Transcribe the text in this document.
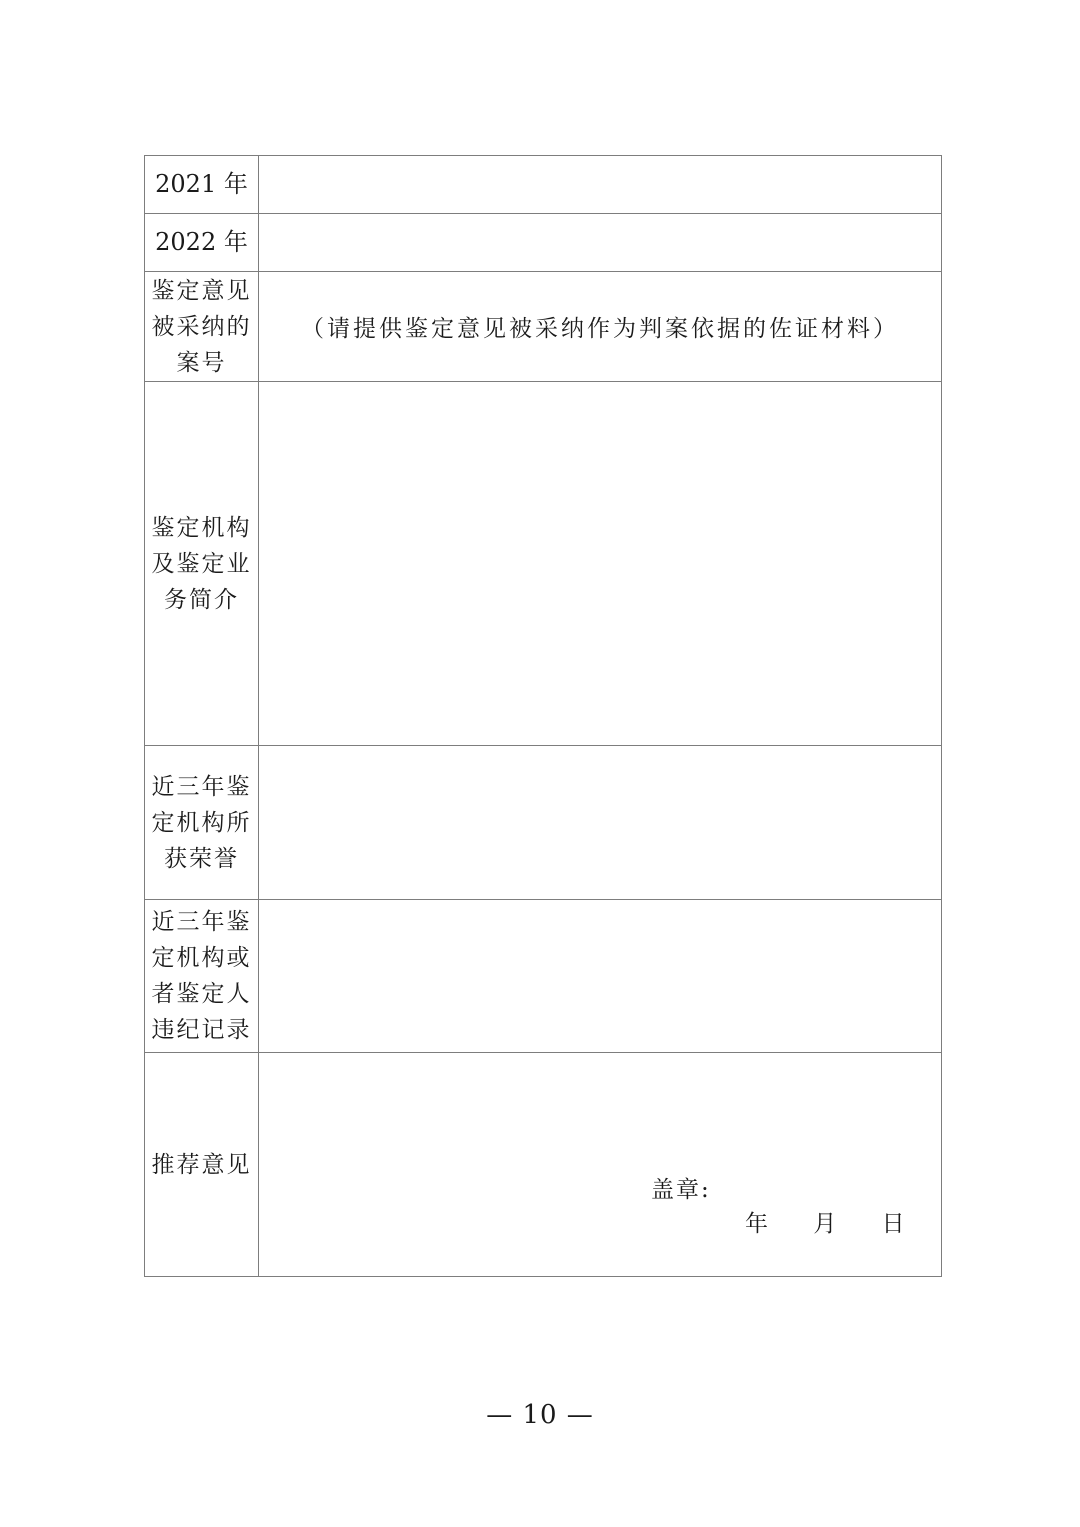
2021 年	
2022 年	
鉴定意见被采纳的案号	（请提供鉴定意见被采纳作为判案依据的佐证材料）
鉴定机构及鉴定业务简介	
近三年鉴定机构所获荣誉	
近三年鉴定机构或者鉴定人违纪记录	
推荐意见	盖章:
年 月 日
— 10 —
